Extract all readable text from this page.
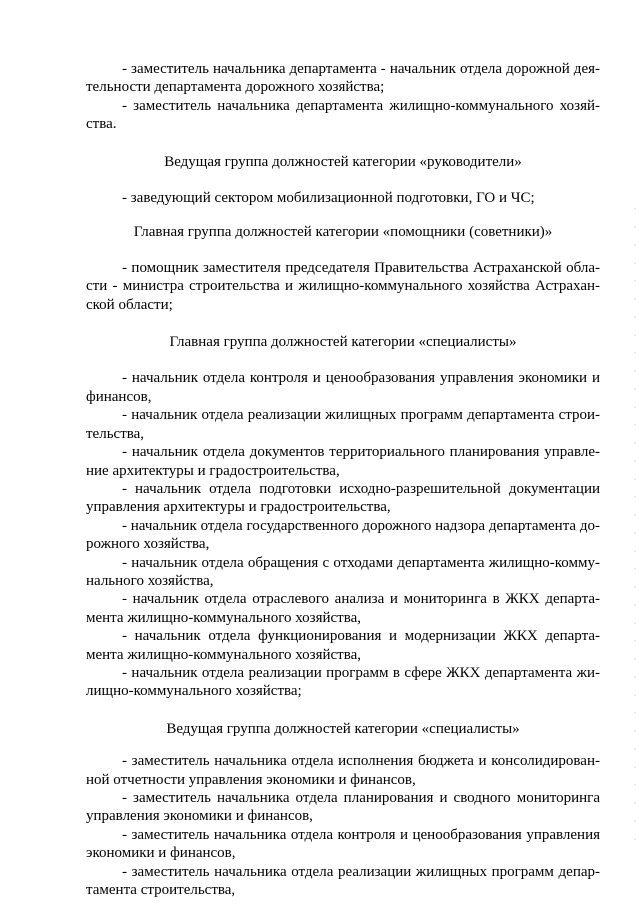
- заместитель начальника департамента - начальник отдела дорожной деятельности департамента дорожного хозяйства;

- заместитель начальника департамента жилищно-коммунального хозяйства.

Ведущая группа должностей категории «руководители»

- заведующий сектором мобилизационной подготовки, ГО и ЧС;

Главная группа должностей категории «помощники (советники)»

- помощник заместителя председателя Правительства Астраханской области - министра строительства и жилищно-коммунального хозяйства Астраханской области;

Главная группа должностей категории «специалисты»

- начальник отдела контроля и ценообразования управления экономики и финансов,

- начальник отдела реализации жилищных программ департамента строительства,

- начальник отдела документов территориального планирования управление архитектуры и градостроительства,

- начальник отдела подготовки исходно-разрешительной документации управления архитектуры и градостроительства,

- начальник отдела государственного дорожного надзора департамента дорожного хозяйства,

- начальник отдела обращения с отходами департамента жилищно-коммунального хозяйства,

- начальник отдела отраслевого анализа и мониторинга в ЖКХ департамента жилищно-коммунального хозяйства,

- начальник отдела функционирования и модернизации ЖКХ департамента жилищно-коммунального хозяйства,

- начальник отдела реализации программ в сфере ЖКХ департамента жилищно-коммунального хозяйства;

Ведущая группа должностей категории «специалисты»

- заместитель начальника отдела исполнения бюджета и консолидированной отчетности управления экономики и финансов,

- заместитель начальника отдела планирования и сводного мониторинга управления экономики и финансов,

- заместитель начальника отдела контроля и ценообразования управления экономики и финансов,

- заместитель начальника отдела реализации жилищных программ департамента строительства,
